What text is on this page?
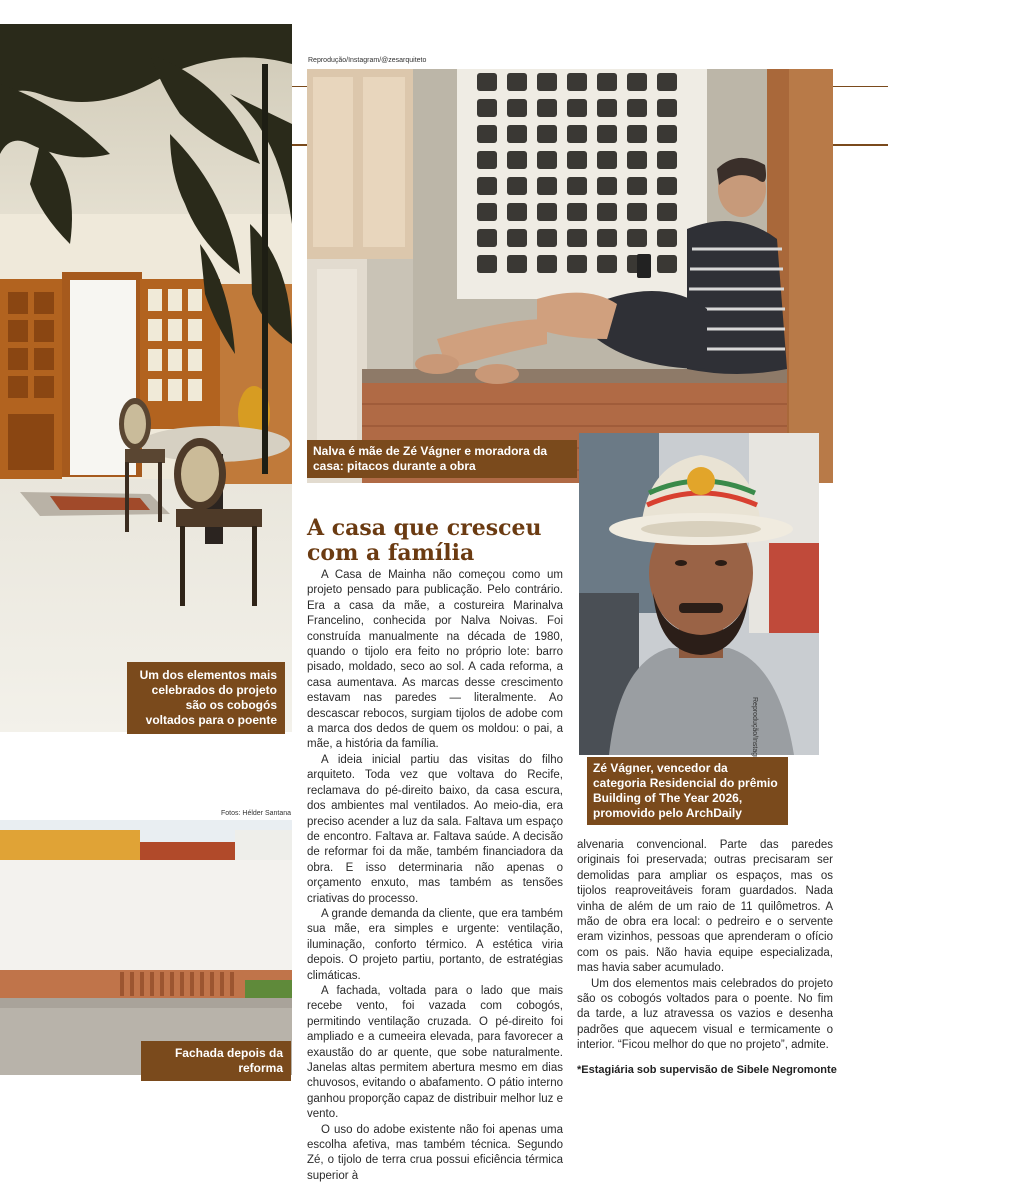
Um dos elementos mais celebrados do projeto são os cobogós voltados para o poente
Fotos: Hélder Santana
Fachada depois da reforma
Reprodução/Instagram/@zesarquiteto
Nalva é mãe de Zé Vágner e moradora da casa: pitacos durante a obra
Zé Vágner, vencedor da categoria Residencial do prêmio Building of The Year 2026, promovido pelo ArchDaily
A casa que cresceu
com a família

A Casa de Mainha não começou como um projeto pensado para publicação. Pelo contrário. Era a casa da mãe, a costureira Marinalva Francelino, conhecida por Nalva Noivas. Foi construída manualmente na década de 1980, quando o tijolo era feito no próprio lote: barro pisado, moldado, seco ao sol. A cada reforma, a casa aumentava. As marcas desse crescimento estavam nas paredes — literalmente. Ao descascar rebocos, surgiam tijolos de adobe com a marca dos dedos de quem os moldou: o pai, a mãe, a história da família.

A ideia inicial partiu das visitas do filho arquiteto. Toda vez que voltava do Recife, reclamava do pé-direito baixo, da casa escura, dos ambientes mal ventilados. Ao meio-dia, era preciso acender a luz da sala. Faltava um espaço de encontro. Faltava ar. Faltava saúde. A decisão de reformar foi da mãe, também financiadora da obra. E isso determinaria não apenas o orçamento enxuto, mas também as tensões criativas do processo.

A grande demanda da cliente, que era também sua mãe, era simples e urgente: ventilação, iluminação, conforto térmico. A estética viria depois. O projeto partiu, portanto, de estratégias climáticas.

A fachada, voltada para o lado que mais recebe vento, foi vazada com cobogós, permitindo ventilação cruzada. O pé-direito foi ampliado e a cumeeira elevada, para favorecer a exaustão do ar quente, que sobe naturalmente. Janelas altas permitem abertura mesmo em dias chuvosos, evitando o abafamento. O pátio interno ganhou proporção capaz de distribuir melhor luz e vento.

O uso do adobe existente não foi apenas uma escolha afetiva, mas também técnica. Segundo Zé, o tijolo de terra crua possui eficiência térmica superior à

alvenaria convencional. Parte das paredes originais foi preservada; outras precisaram ser demolidas para ampliar os espaços, mas os tijolos reaproveitáveis foram guardados. Nada vinha de além de um raio de 11 quilômetros. A mão de obra era local: o pedreiro e o servente eram vizinhos, pessoas que aprenderam o ofício com os pais. Não havia equipe especializada, mas havia saber acumulado.

Um dos elementos mais celebrados do projeto são os cobogós voltados para o poente. No fim da tarde, a luz atravessa os vazios e desenha padrões que aquecem visual e termicamente o interior. “Ficou melhor do que no projeto”, admite.

*Estagiária sob supervisão de Sibele Negromonte
